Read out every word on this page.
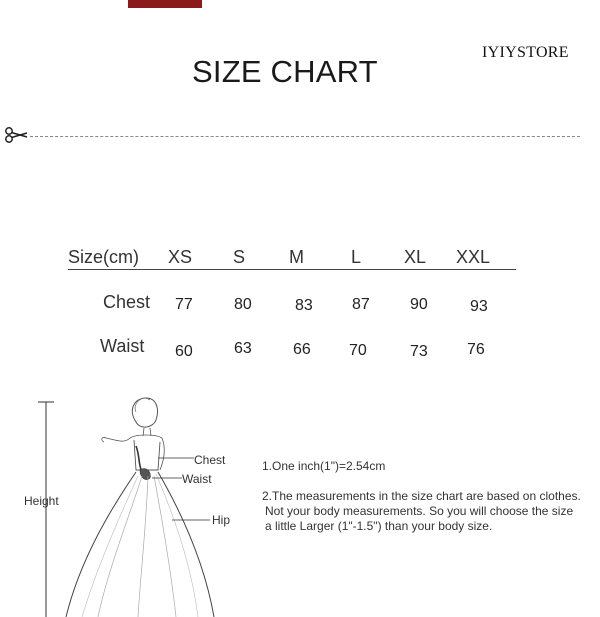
IYIYSTORE
SIZE CHART
Size(cm) XS S M	L XL XXL
Chest 77	80	83 87	90	93
Waist 60	63	66 70	73 76
Height
Chest
Waist
Hip
1.One inch(1")=2.54cm
2.The measurements in the size chart are based on clothes.
Not your body measurements. So you will choose the size
a little Larger (1"-1.5") than your body size.
